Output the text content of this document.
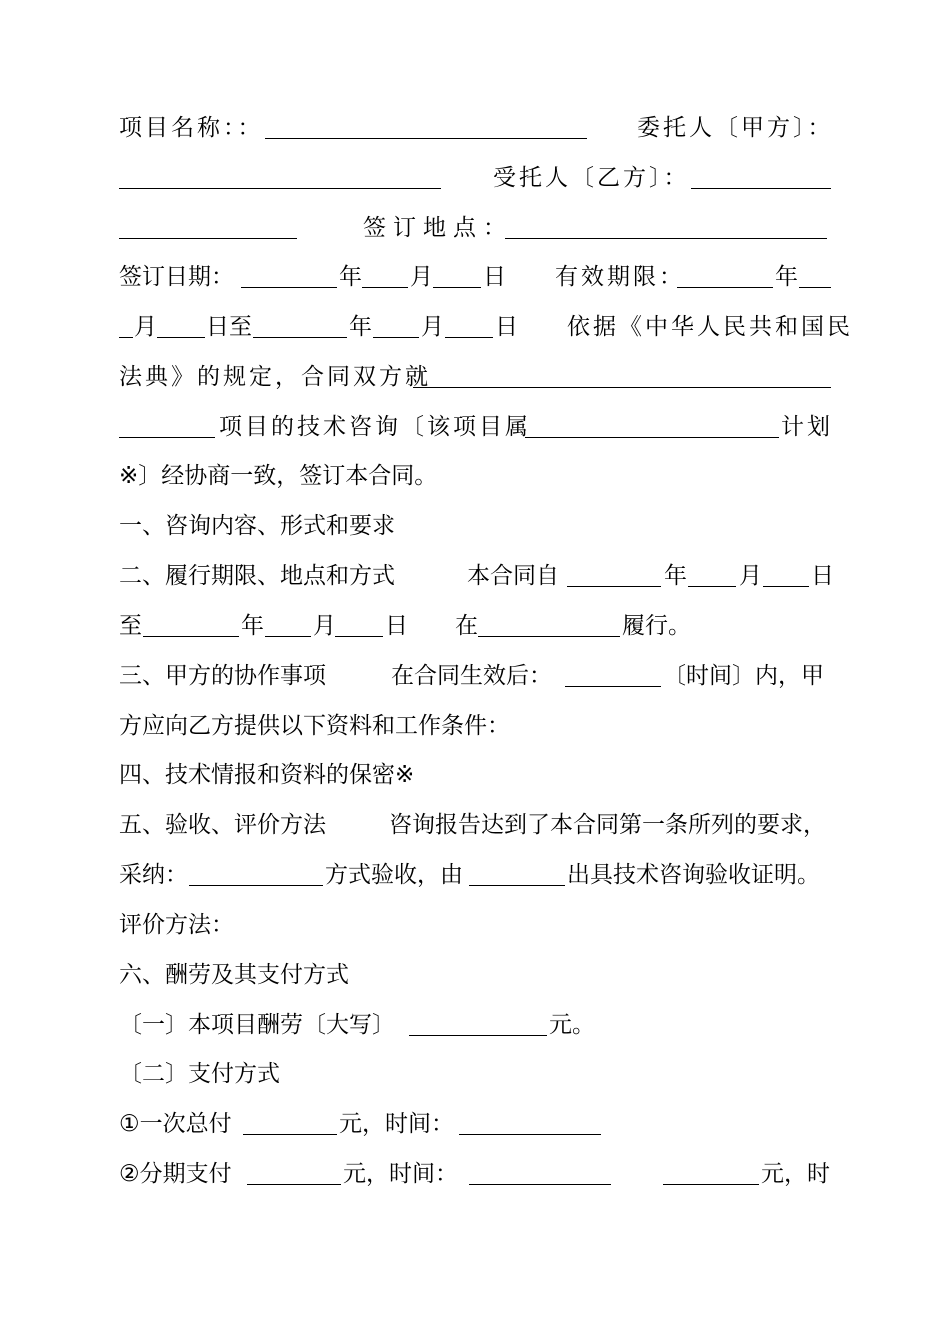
项目名称：：	委托人〔甲方〕：
受托人〔乙方〕：
签订地点：
签订日期：	年 月 日 有效期限：	年
月 日至	年 月 日 依据《中华人民共和国民
法典》的规定，合同双方就
项目的技术咨询〔该项目属	计划
※〕经协商一致，签订本合同。
一、咨询内容、形式和要求
二、履行期限、地点和方式	本合同自	年 月 日
至	年 月 日 在	履行。
三、甲方的协作事项	在合同生效后：	〔时间〕内，甲
方应向乙方提供以下资料和工作条件：
四、技术情报和资料的保密※
五、验收、评价方法	咨询报告达到了本合同第一条所列的要求，
采纳：	方式验收，由	出具技术咨询验收证明。
评价方法：
六、酬劳及其支付方式
〔一〕本项目酬劳〔大写〕	元。
〔二〕支付方式
①一次总付	元，时间：
②分期支付	元，时间：	元，时
